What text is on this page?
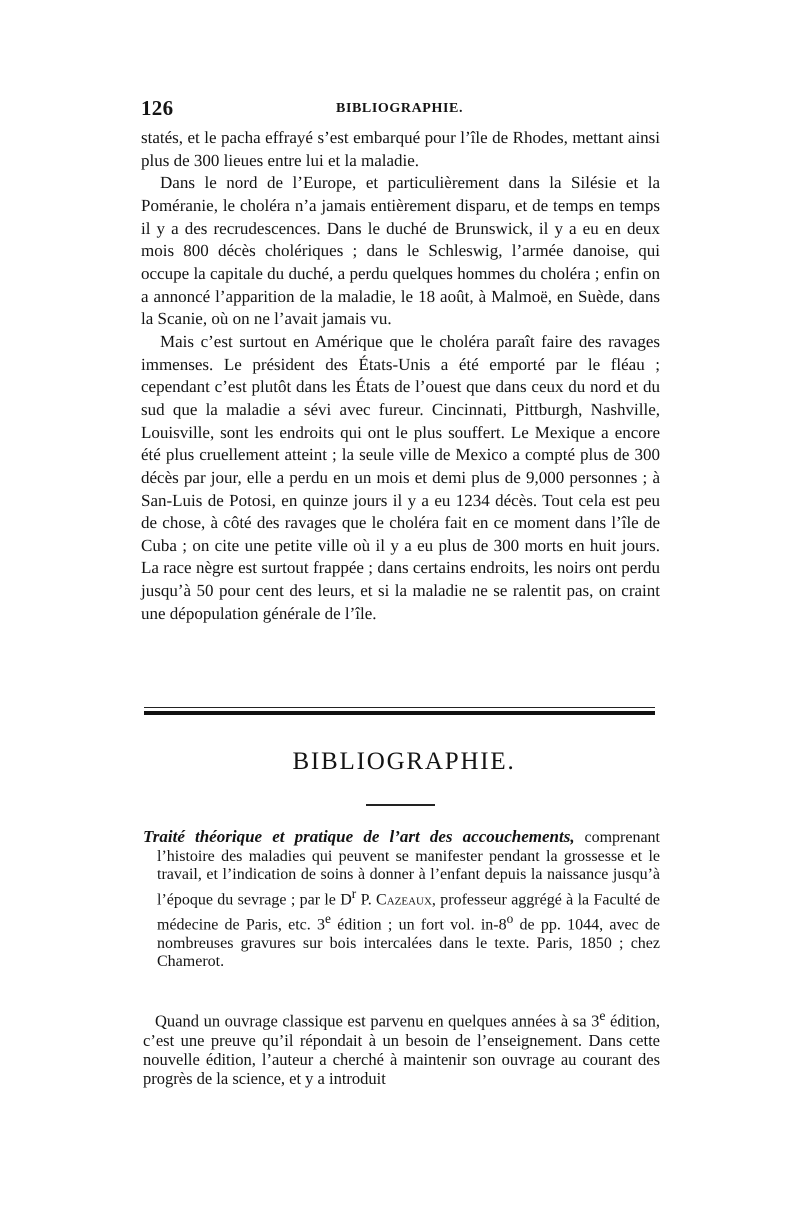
126	BIBLIOGRAPHIE.

statés, et le pacha effrayé s’est embarqué pour l’île de Rhodes, mettant ainsi plus de 300 lieues entre lui et la maladie.

Dans le nord de l’Europe, et particulièrement dans la Silésie et la Poméranie, le choléra n’a jamais entièrement disparu, et de temps en temps il y a des recrudescences. Dans le duché de Brunswick, il y a eu en deux mois 800 décès cholériques ; dans le Schleswig, l’armée danoise, qui occupe la capitale du duché, a perdu quelques hommes du choléra ; enfin on a annoncé l’apparition de la maladie, le 18 août, à Malmoë, en Suède, dans la Scanie, où on ne l’avait jamais vu.

Mais c’est surtout en Amérique que le choléra paraît faire des ravages immenses. Le président des États-Unis a été emporté par le fléau ; cependant c’est plutôt dans les États de l’ouest que dans ceux du nord et du sud que la maladie a sévi avec fureur. Cincinnati, Pittburgh, Nashville, Louisville, sont les endroits qui ont le plus souffert. Le Mexique a encore été plus cruellement atteint ; la seule ville de Mexico a compté plus de 300 décès par jour, elle a perdu en un mois et demi plus de 9,000 personnes ; à San-Luis de Potosi, en quinze jours il y a eu 1234 décès. Tout cela est peu de chose, à côté des ravages que le choléra fait en ce moment dans l’île de Cuba ; on cite une petite ville où il y a eu plus de 300 morts en huit jours. La race nègre est surtout frappée ; dans certains endroits, les noirs ont perdu jusqu’à 50 pour cent des leurs, et si la maladie ne se ralentit pas, on craint une dépopulation générale de l’île.

BIBLIOGRAPHIE.

Traité théorique et pratique de l’art des accouchements, comprenant l’histoire des maladies qui peuvent se manifester pendant la grossesse et le travail, et l’indication de soins à donner à l’enfant depuis la naissance jusqu’à l’époque du sevrage ; par le $D^r$ P. Cazeaux, professeur aggrégé à la Faculté de médecine de Paris, etc. 3e édition ; un fort vol. in-8$^o$ de pp. 1044, avec de nombreuses gravures sur bois intercalées dans le texte. Paris, 1850 ; chez Chamerot.

Quand un ouvrage classique est parvenu en quelques années à sa 3e édition, c’est une preuve qu’il répondait à un besoin de l’enseignement. Dans cette nouvelle édition, l’auteur a cherché à maintenir son ouvrage au courant des progrès de la science, et y a introduit
